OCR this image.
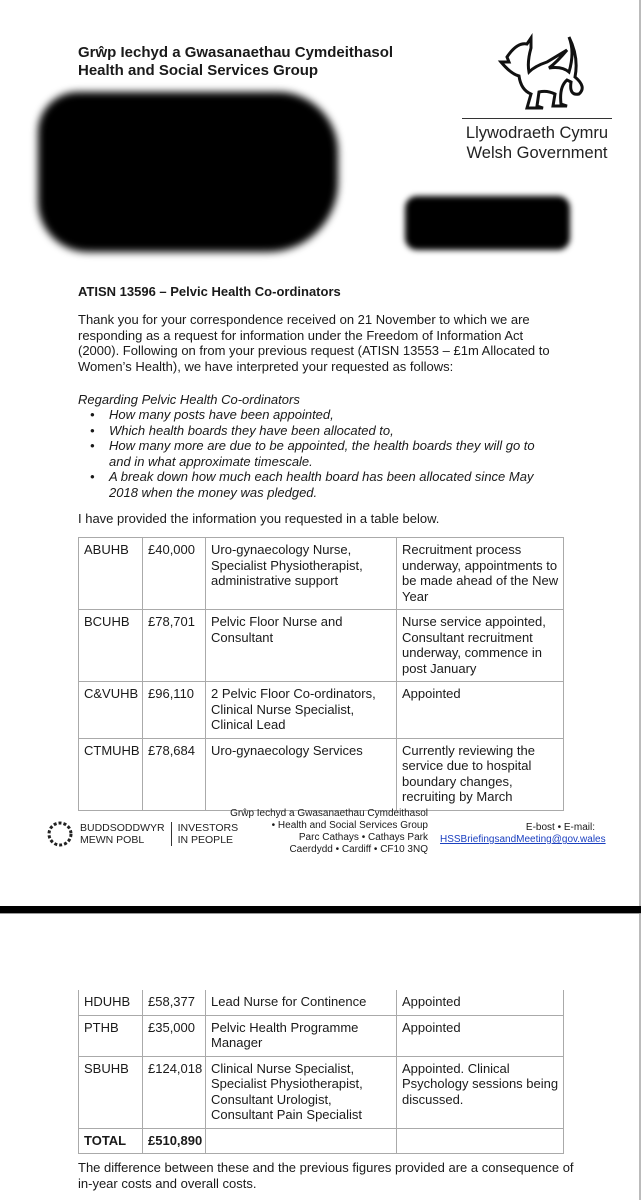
Grŵp Iechyd a Gwasanaethau Cymdeithasol
Health and Social Services Group
Llywodraeth Cymru
Welsh Government
ATISN 13596 – Pelvic Health Co-ordinators
Thank you for your correspondence received on 21 November to which we are responding as a request for information under the Freedom of Information Act (2000). Following on from your previous request (ATISN 13553 – £1m Allocated to Women’s Health), we have interpreted your requested as follows:
Regarding Pelvic Health Co-ordinators
• How many posts have been appointed,
• Which health boards they have been allocated to,
• How many more are due to be appointed, the health boards they will go to and in what approximate timescale.
• A break down how much each health board has been allocated since May 2018 when the money was pledged.
I have provided the information you requested in a table below.
ABUHB	£40,000	Uro-gynaecology Nurse, Specialist Physiotherapist, administrative support	Recruitment process underway, appointments to be made ahead of the New Year
BCUHB	£78,701	Pelvic Floor Nurse and Consultant	Nurse service appointed, Consultant recruitment underway, commence in post January
C&VUHB	£96,110	2 Pelvic Floor Co-ordinators, Clinical Nurse Specialist, Clinical Lead	Appointed
CTMUHB	£78,684	Uro-gynaecology Services	Currently reviewing the service due to hospital boundary changes, recruiting by March
BUDDSODDWYR
MEWN POBL
INVESTORS
IN PEOPLE
Grŵp Iechyd a Gwasanaethau Cymdeithasol
• Health and Social Services Group
Parc Cathays • Cathays Park
Caerdydd • Cardiff • CF10 3NQ
E-bost • E-mail:
HSSBriefingsandMeeting@gov.wales
HDUHB	£58,377	Lead Nurse for Continence	Appointed
PTHB	£35,000	Pelvic Health Programme Manager	Appointed
SBUHB	£124,018	Clinical Nurse Specialist, Specialist Physiotherapist, Consultant Urologist, Consultant Pain Specialist	Appointed. Clinical Psychology sessions being discussed.
TOTAL	£510,890		
The difference between these and the previous figures provided are a consequence of in-year costs and overall costs.
